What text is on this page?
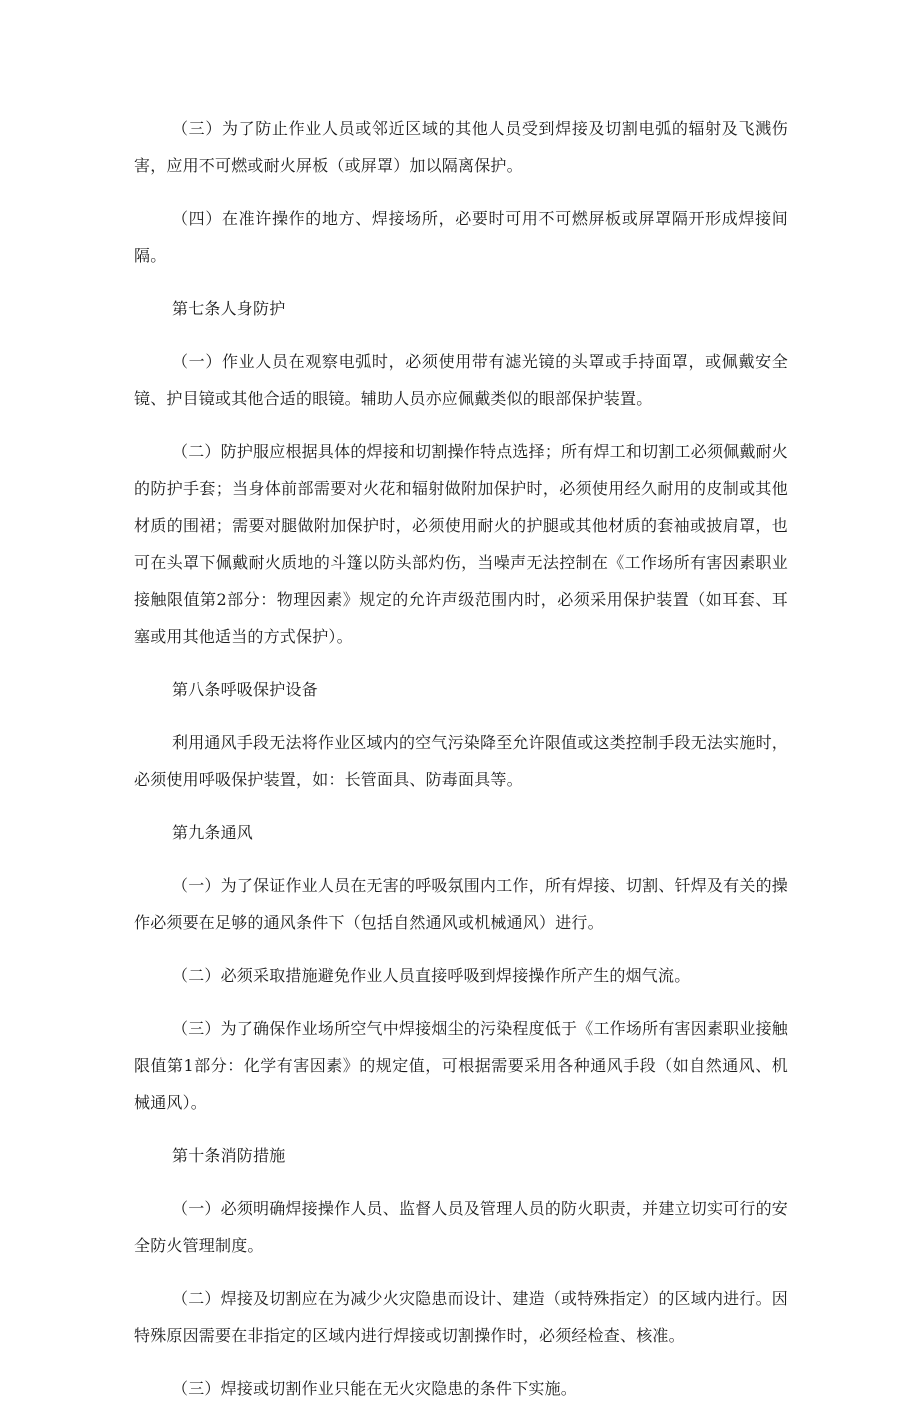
（三）为了防止作业人员或邻近区域的其他人员受到焊接及切割电弧的辐射及飞溅伤害，应用不可燃或耐火屏板（或屏罩）加以隔离保护。

（四）在准许操作的地方、焊接场所，必要时可用不可燃屏板或屏罩隔开形成焊接间隔。

第七条人身防护

（一）作业人员在观察电弧时，必须使用带有滤光镜的头罩或手持面罩，或佩戴安全镜、护目镜或其他合适的眼镜。辅助人员亦应佩戴类似的眼部保护装置。

（二）防护服应根据具体的焊接和切割操作特点选择；所有焊工和切割工必须佩戴耐火的防护手套；当身体前部需要对火花和辐射做附加保护时，必须使用经久耐用的皮制或其他材质的围裙；需要对腿做附加保护时，必须使用耐火的护腿或其他材质的套袖或披肩罩，也可在头罩下佩戴耐火质地的斗篷以防头部灼伤，当噪声无法控制在《工作场所有害因素职业接触限值第2部分：物理因素》规定的允许声级范围内时，必须采用保护装置（如耳套、耳塞或用其他适当的方式保护）。

第八条呼吸保护设备

利用通风手段无法将作业区域内的空气污染降至允许限值或这类控制手段无法实施时，必须使用呼吸保护装置，如：长管面具、防毒面具等。

第九条通风

（一）为了保证作业人员在无害的呼吸氛围内工作，所有焊接、切割、钎焊及有关的操作必须要在足够的通风条件下（包括自然通风或机械通风）进行。

（二）必须采取措施避免作业人员直接呼吸到焊接操作所产生的烟气流。

（三）为了确保作业场所空气中焊接烟尘的污染程度低于《工作场所有害因素职业接触限值第1部分：化学有害因素》的规定值，可根据需要采用各种通风手段（如自然通风、机械通风）。

第十条消防措施

（一）必须明确焊接操作人员、监督人员及管理人员的防火职责，并建立切实可行的安全防火管理制度。

（二）焊接及切割应在为减少火灾隐患而设计、建造（或特殊指定）的区域内进行。因特殊原因需要在非指定的区域内进行焊接或切割操作时，必须经检查、核准。

（三）焊接或切割作业只能在无火灾隐患的条件下实施。
